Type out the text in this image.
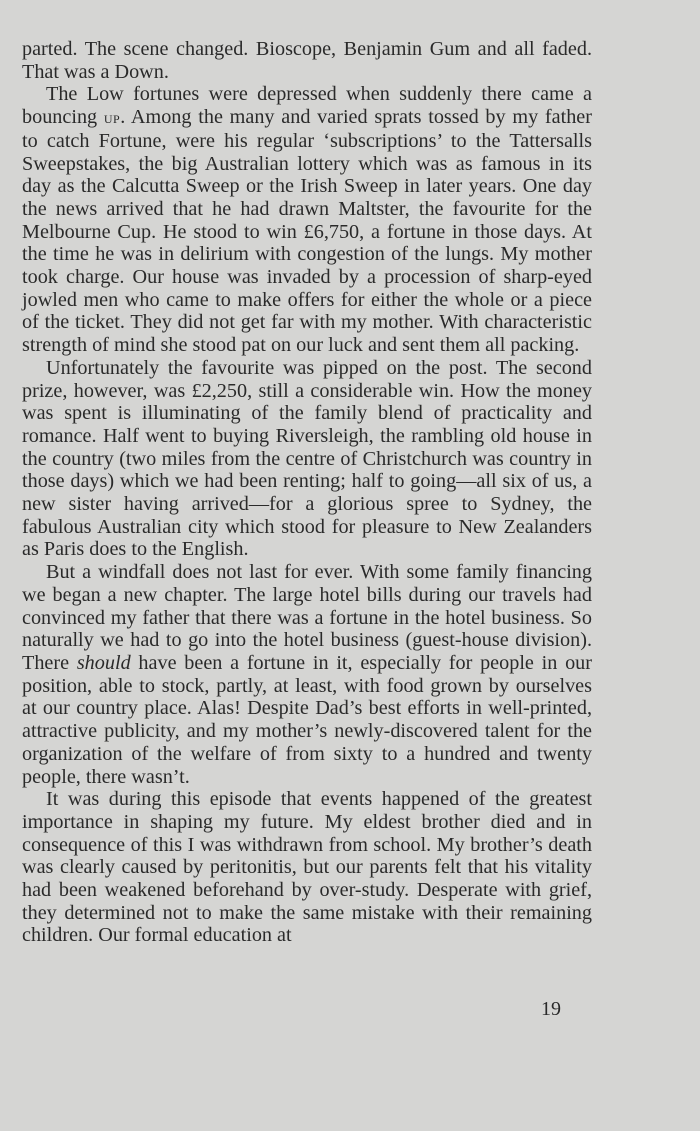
parted. The scene changed. Bioscope, Benjamin Gum and all faded. That was a Down.

The Low fortunes were depressed when suddenly there came a bouncing up. Among the many and varied sprats tossed by my father to catch Fortune, were his regular ‘subscriptions’ to the Tattersalls Sweepstakes, the big Australian lottery which was as famous in its day as the Calcutta Sweep or the Irish Sweep in later years. One day the news arrived that he had drawn Maltster, the favourite for the Melbourne Cup. He stood to win £6,750, a fortune in those days. At the time he was in delirium with congestion of the lungs. My mother took charge. Our house was invaded by a procession of sharp-eyed jowled men who came to make offers for either the whole or a piece of the ticket. They did not get far with my mother. With characteristic strength of mind she stood pat on our luck and sent them all packing.

Unfortunately the favourite was pipped on the post. The second prize, however, was £2,250, still a considerable win. How the money was spent is illuminating of the family blend of practicality and romance. Half went to buying Riversleigh, the rambling old house in the country (two miles from the centre of Christchurch was country in those days) which we had been renting; half to going—all six of us, a new sister having arrived—for a glorious spree to Sydney, the fabulous Australian city which stood for pleasure to New Zealanders as Paris does to the English.

But a windfall does not last for ever. With some family financing we began a new chapter. The large hotel bills during our travels had convinced my father that there was a fortune in the hotel business. So naturally we had to go into the hotel business (guest-house division). There should have been a fortune in it, especially for people in our position, able to stock, partly, at least, with food grown by ourselves at our country place. Alas! Despite Dad’s best efforts in well-printed, attractive publicity, and my mother’s newly-discovered talent for the organization of the welfare of from sixty to a hundred and twenty people, there wasn’t.

It was during this episode that events happened of the greatest importance in shaping my future. My eldest brother died and in consequence of this I was withdrawn from school. My brother’s death was clearly caused by peritonitis, but our parents felt that his vitality had been weakened beforehand by over-study. Desperate with grief, they determined not to make the same mistake with their remaining children. Our formal education at

19
